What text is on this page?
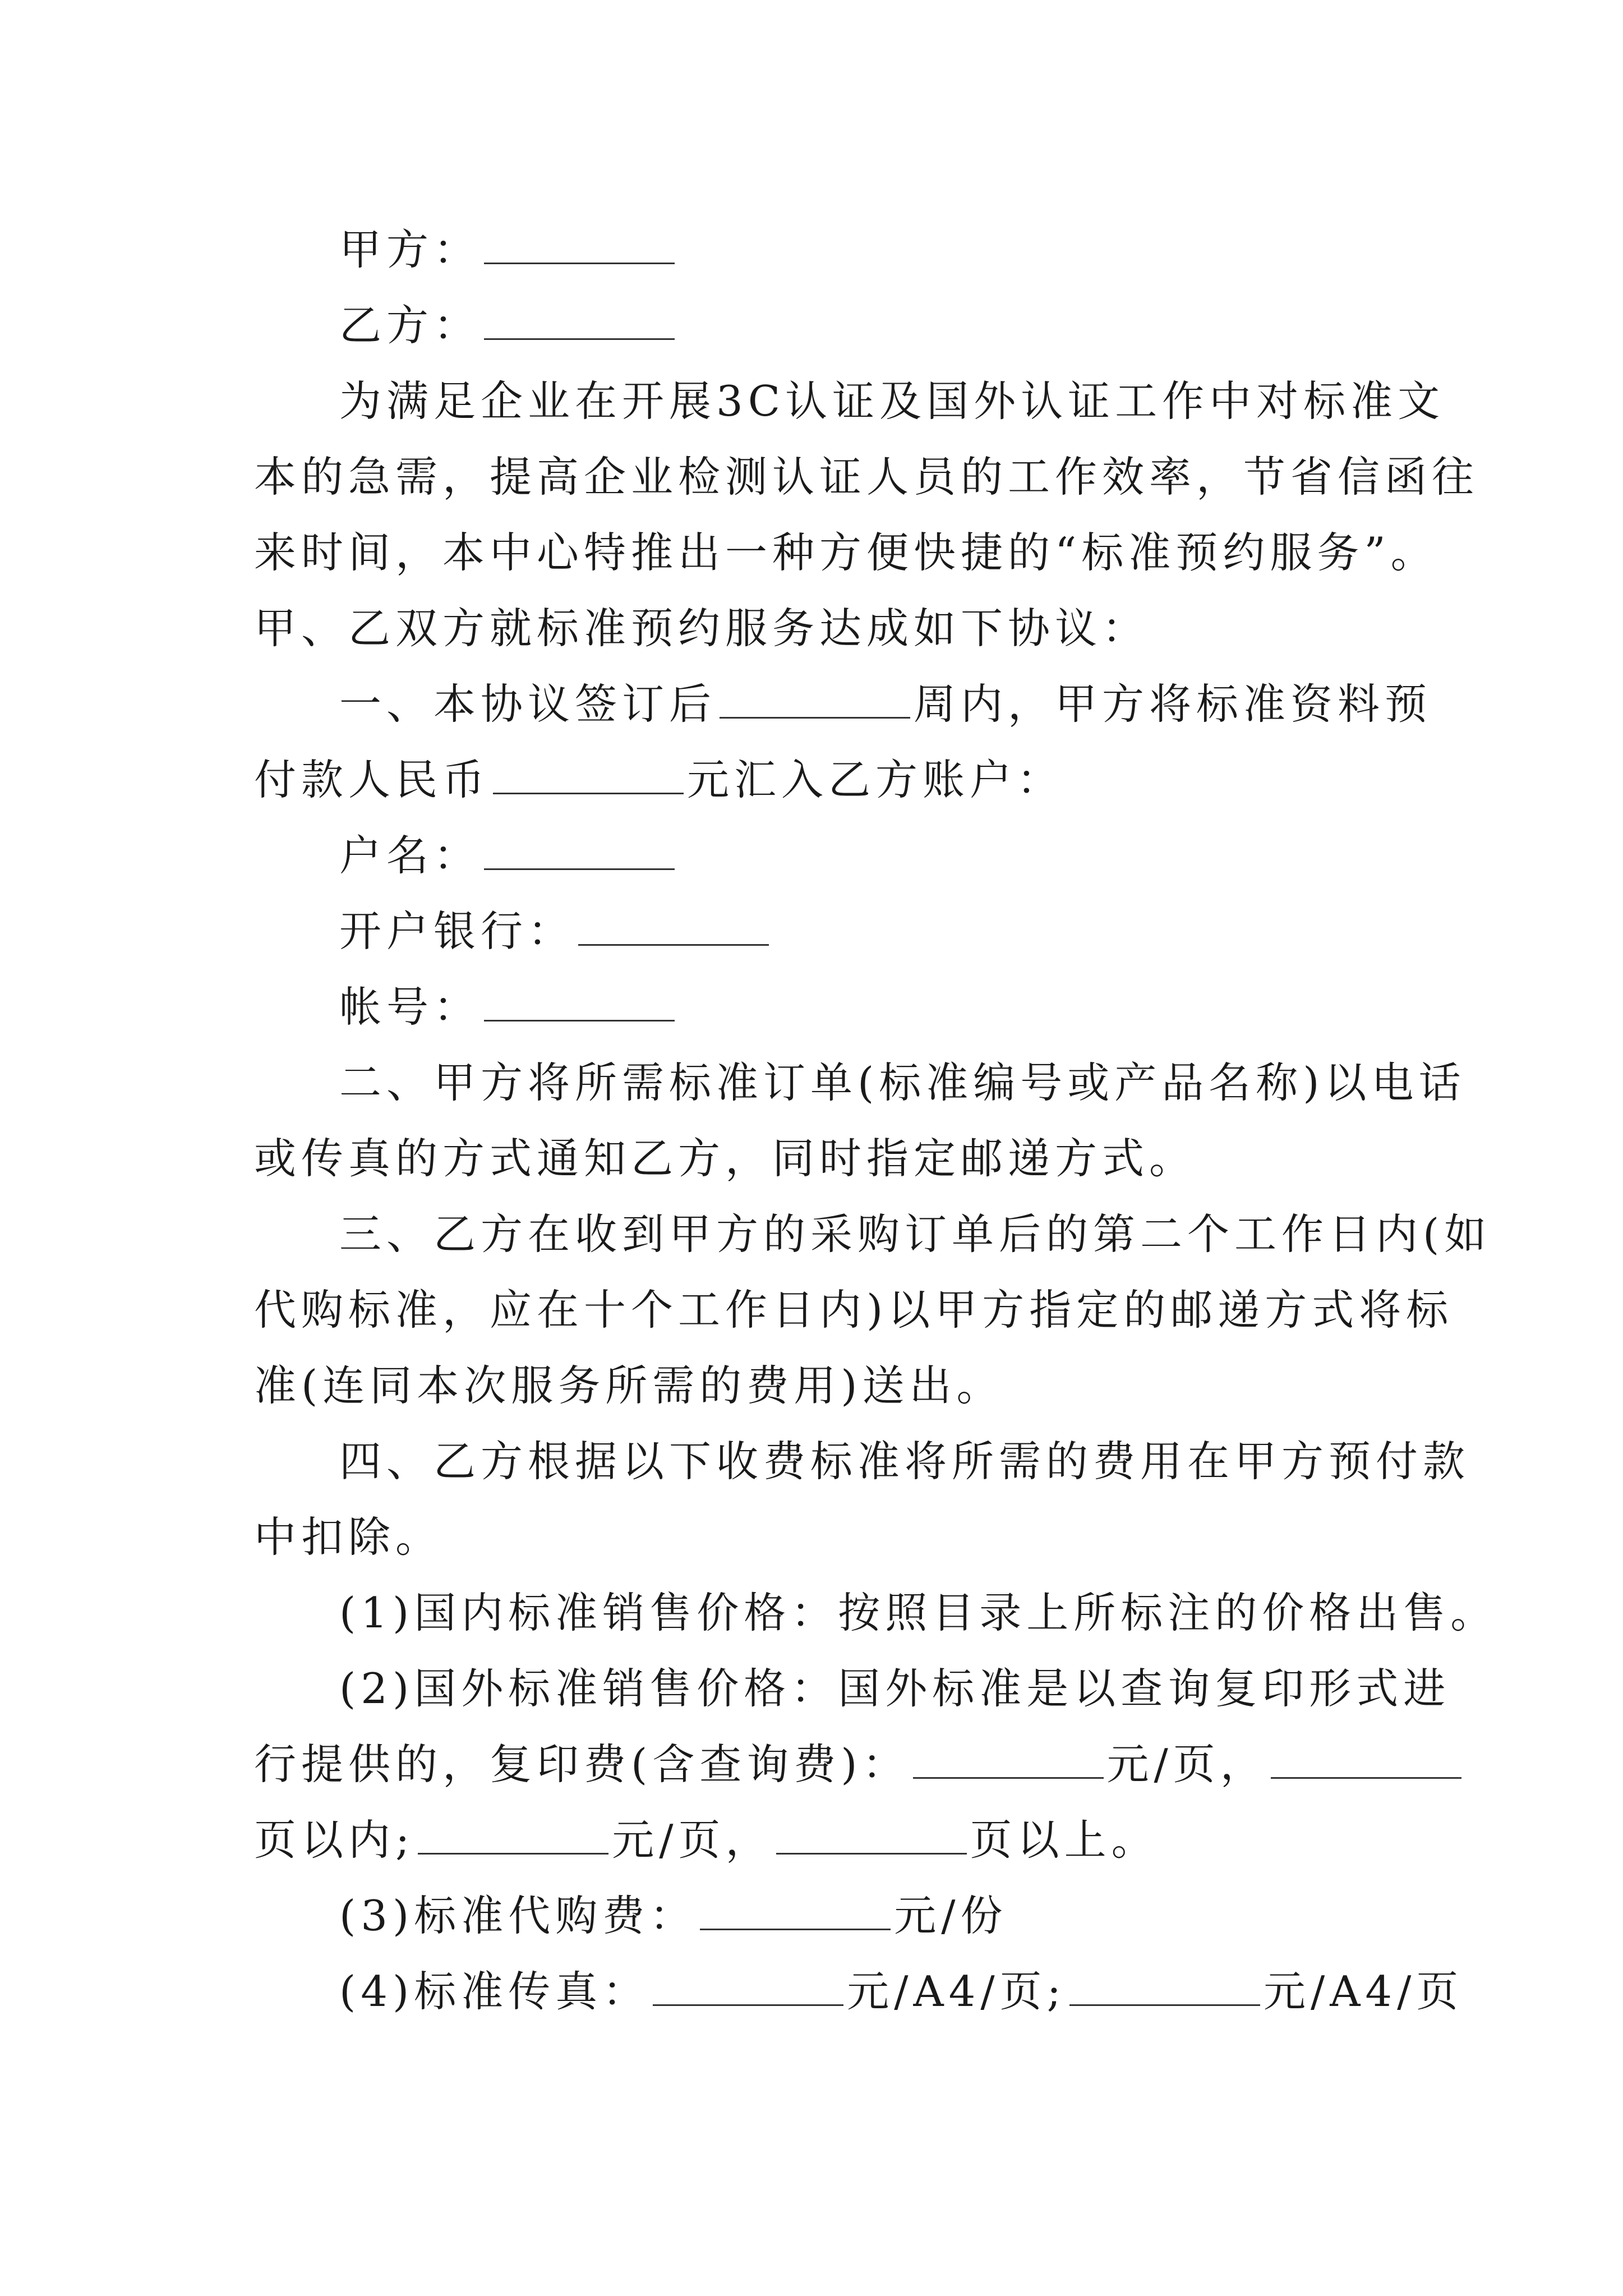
甲方：
乙方：
为满足企业在开展3C认证及国外认证工作中对标准文
本的急需，提高企业检测认证人员的工作效率，节省信函往
来时间，本中心特推出一种方便快捷的“标准预约服务”。
甲、乙双方就标准预约服务达成如下协议：
一、本协议签订后	周内，甲方将标准资料预
付款人民币	元汇入乙方账户：
户名：
开户银行：
帐号：
二、甲方将所需标准订单(标准编号或产品名称)以电话
或传真的方式通知乙方，同时指定邮递方式。
三、乙方在收到甲方的采购订单后的第二个工作日内(如
代购标准，应在十个工作日内)以甲方指定的邮递方式将标
准(连同本次服务所需的费用)送出。
四、乙方根据以下收费标准将所需的费用在甲方预付款
中扣除。
(1)国内标准销售价格：按照目录上所标注的价格出售。
(2)国外标准销售价格：国外标准是以查询复印形式进
行提供的，复印费(含查询费)：	元/页，
页以内;	元/页，	页以上。
(3)标准代购费：	元/份
(4)标准传真：	元/A4/页;	元/A4/页
